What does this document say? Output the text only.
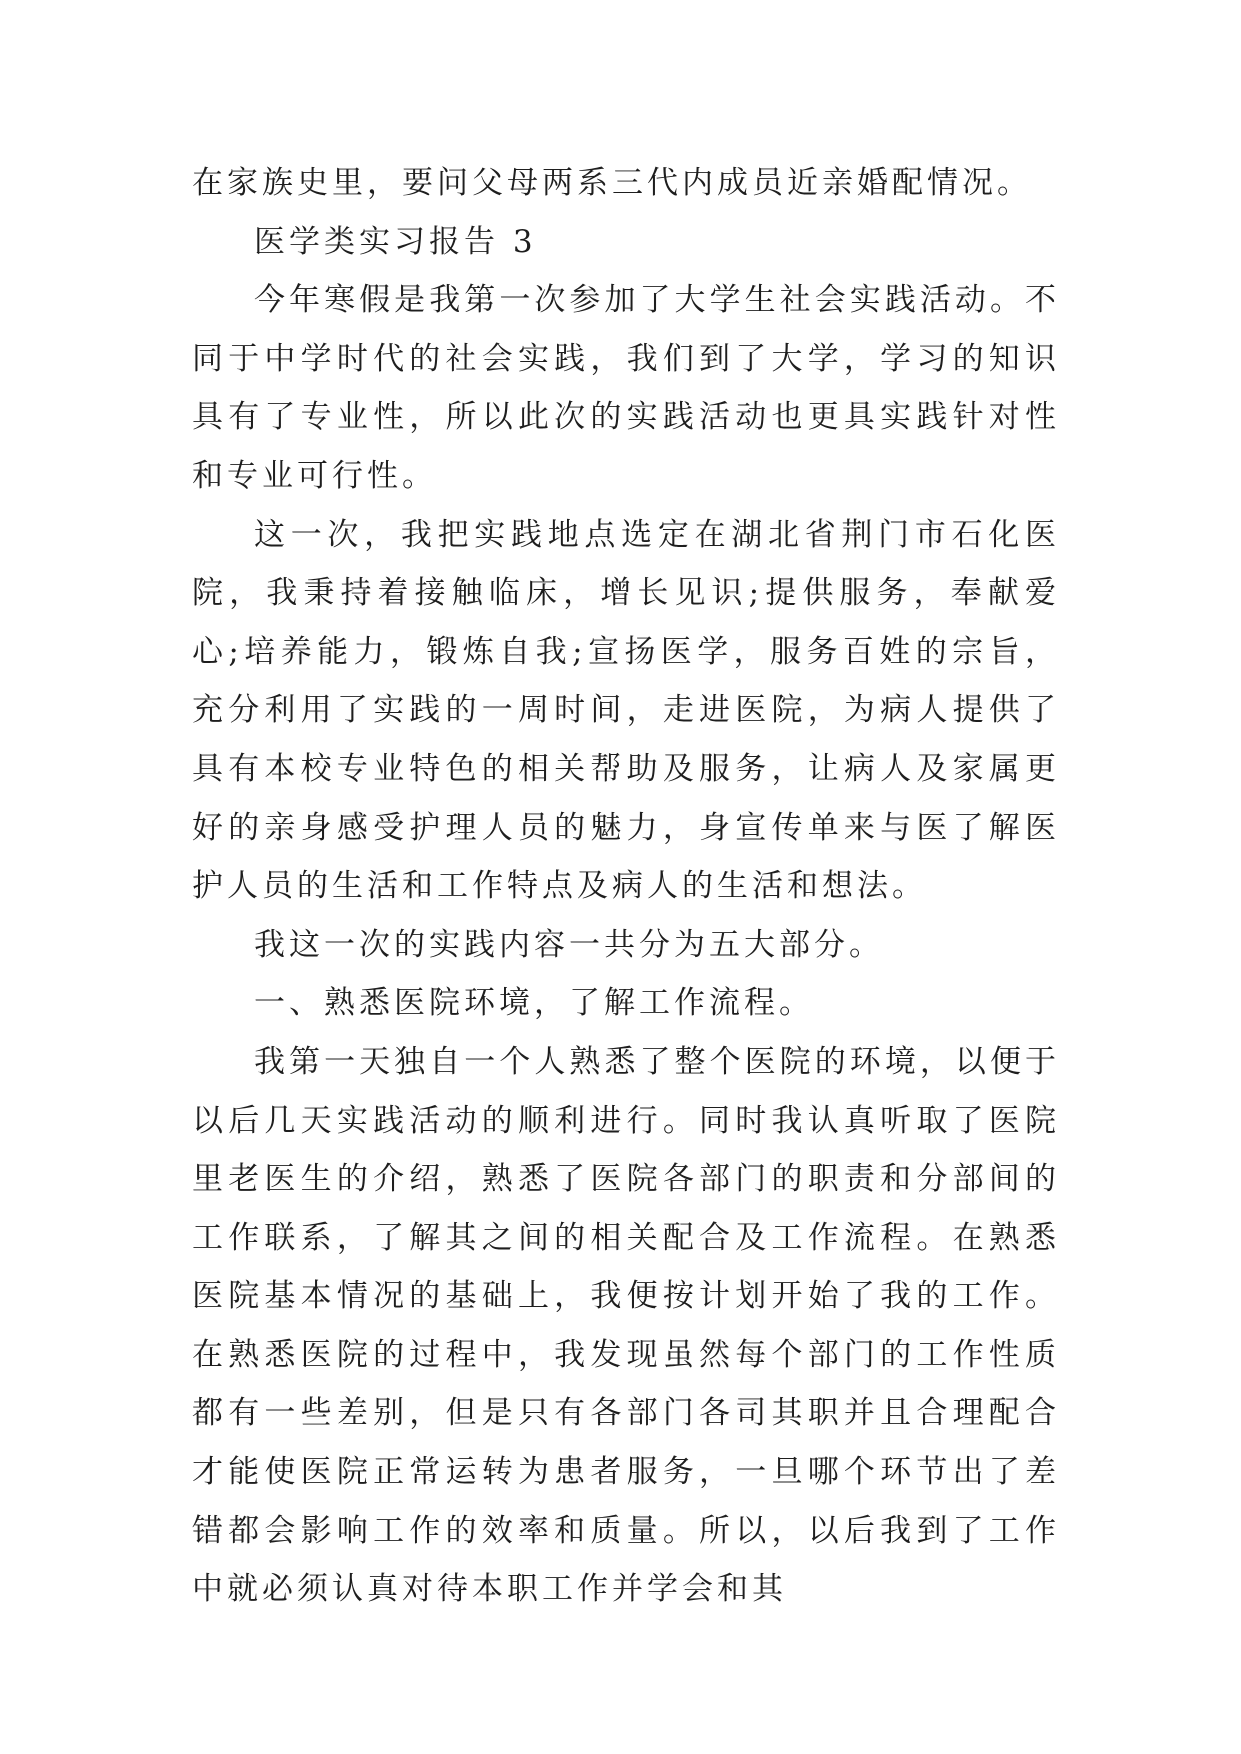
在家族史里，要问父母两系三代内成员近亲婚配情况。

医学类实习报告 3

今年寒假是我第一次参加了大学生社会实践活动。不同于中学时代的社会实践，我们到了大学，学习的知识具有了专业性，所以此次的实践活动也更具实践针对性和专业可行性。

这一次，我把实践地点选定在湖北省荆门市石化医院，我秉持着接触临床，增长见识;提供服务，奉献爱心;培养能力，锻炼自我;宣扬医学，服务百姓的宗旨，充分利用了实践的一周时间，走进医院，为病人提供了具有本校专业特色的相关帮助及服务，让病人及家属更好的亲身感受护理人员的魅力，身宣传单来与医了解医护人员的生活和工作特点及病人的生活和想法。

我这一次的实践内容一共分为五大部分。

一、熟悉医院环境，了解工作流程。

我第一天独自一个人熟悉了整个医院的环境，以便于以后几天实践活动的顺利进行。同时我认真听取了医院里老医生的介绍，熟悉了医院各部门的职责和分部间的工作联系，了解其之间的相关配合及工作流程。在熟悉医院基本情况的基础上，我便按计划开始了我的工作。在熟悉医院的过程中，我发现虽然每个部门的工作性质都有一些差别，但是只有各部门各司其职并且合理配合才能使医院正常运转为患者服务，一旦哪个环节出了差错都会影响工作的效率和质量。所以，以后我到了工作中就必须认真对待本职工作并学会和其
